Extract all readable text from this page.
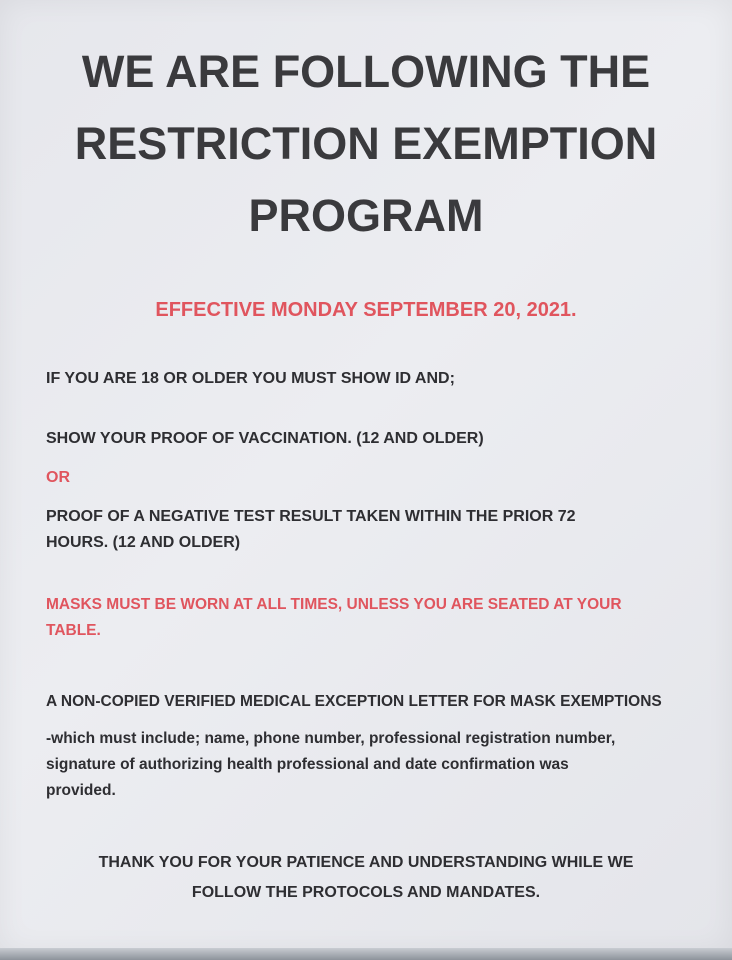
WE ARE FOLLOWING THE
RESTRICTION EXEMPTION
PROGRAM

EFFECTIVE MONDAY SEPTEMBER 20, 2021.

IF YOU ARE 18 OR OLDER YOU MUST SHOW ID AND;

SHOW YOUR PROOF OF VACCINATION. (12 AND OLDER)

OR

PROOF OF A NEGATIVE TEST RESULT TAKEN WITHIN THE PRIOR 72
HOURS. (12 AND OLDER)

MASKS MUST BE WORN AT ALL TIMES, UNLESS YOU ARE SEATED AT YOUR
TABLE.

A NON-COPIED VERIFIED MEDICAL EXCEPTION LETTER FOR MASK EXEMPTIONS

-which must include; name, phone number, professional registration number,
signature of authorizing health professional and date confirmation was
provided.

THANK YOU FOR YOUR PATIENCE AND UNDERSTANDING WHILE WE
FOLLOW THE PROTOCOLS AND MANDATES.
